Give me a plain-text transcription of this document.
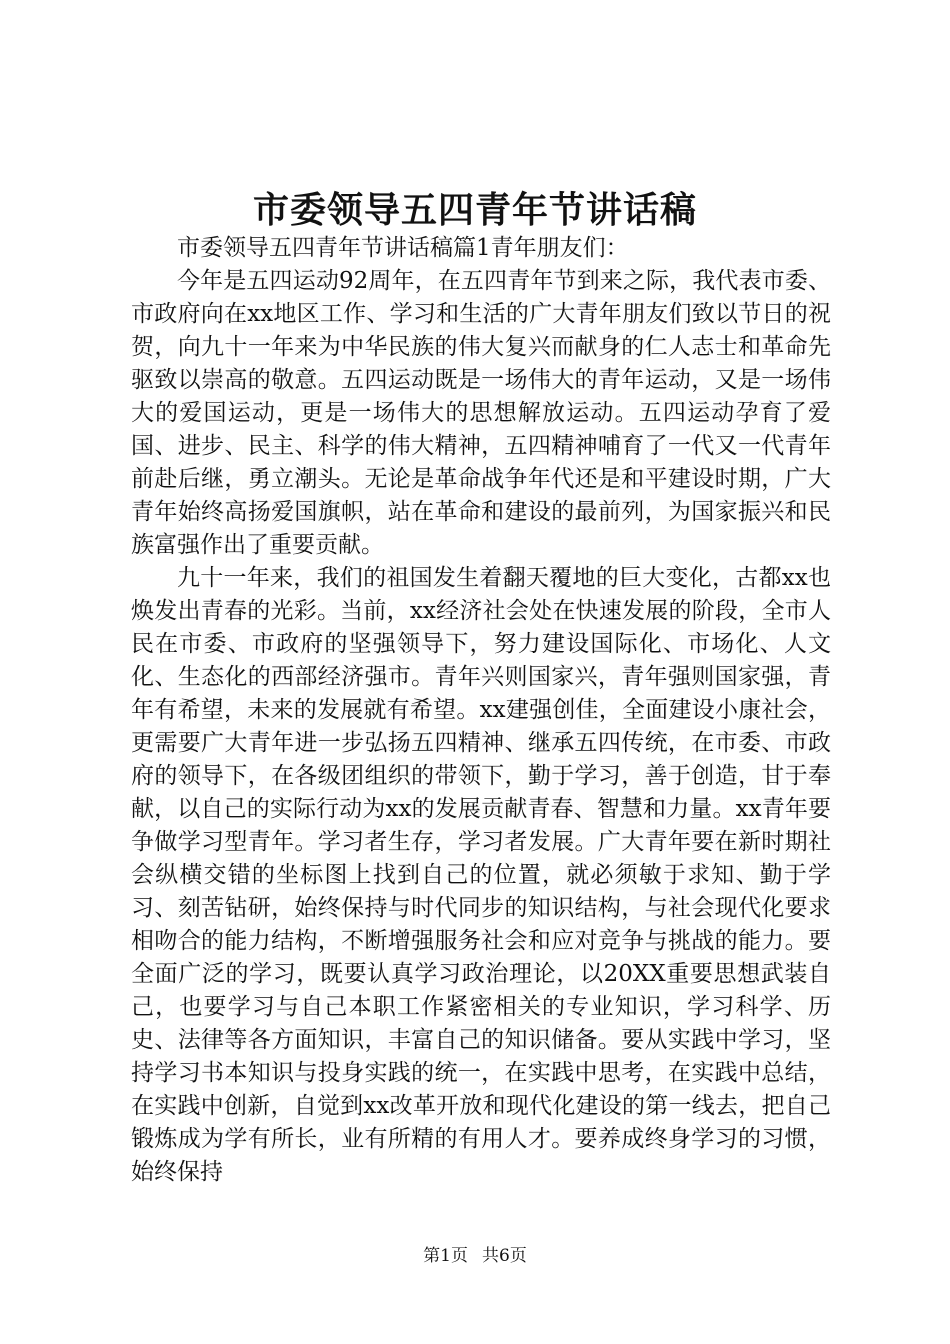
市委领导五四青年节讲话稿

市委领导五四青年节讲话稿篇1青年朋友们：

今年是五四运动92周年，在五四青年节到来之际，我代表市委、市政府向在xx地区工作、学习和生活的广大青年朋友们致以节日的祝贺，向九十一年来为中华民族的伟大复兴而献身的仁人志士和革命先驱致以崇高的敬意。五四运动既是一场伟大的青年运动，又是一场伟大的爱国运动，更是一场伟大的思想解放运动。五四运动孕育了爱国、进步、民主、科学的伟大精神，五四精神哺育了一代又一代青年前赴后继，勇立潮头。无论是革命战争年代还是和平建设时期，广大青年始终高扬爱国旗帜，站在革命和建设的最前列，为国家振兴和民族富强作出了重要贡献。

九十一年来，我们的祖国发生着翻天覆地的巨大变化，古都xx也焕发出青春的光彩。当前，xx经济社会处在快速发展的阶段，全市人民在市委、市政府的坚强领导下，努力建设国际化、市场化、人文化、生态化的西部经济强市。青年兴则国家兴，青年强则国家强，青年有希望，未来的发展就有希望。xx建强创佳，全面建设小康社会，更需要广大青年进一步弘扬五四精神、继承五四传统，在市委、市政府的领导下，在各级团组织的带领下，勤于学习，善于创造，甘于奉献，以自己的实际行动为xx的发展贡献青春、智慧和力量。xx青年要争做学习型青年。学习者生存，学习者发展。广大青年要在新时期社会纵横交错的坐标图上找到自己的位置，就必须敏于求知、勤于学习、刻苦钻研，始终保持与时代同步的知识结构，与社会现代化要求相吻合的能力结构，不断增强服务社会和应对竞争与挑战的能力。要全面广泛的学习，既要认真学习政治理论，以20XX重要思想武装自己，也要学习与自己本职工作紧密相关的专业知识，学习科学、历史、法律等各方面知识，丰富自己的知识储备。要从实践中学习，坚持学习书本知识与投身实践的统一，在实践中思考，在实践中总结，在实践中创新，自觉到xx改革开放和现代化建设的第一线去，把自己锻炼成为学有所长，业有所精的有用人才。要养成终身学习的习惯，始终保持

第1页 共6页
